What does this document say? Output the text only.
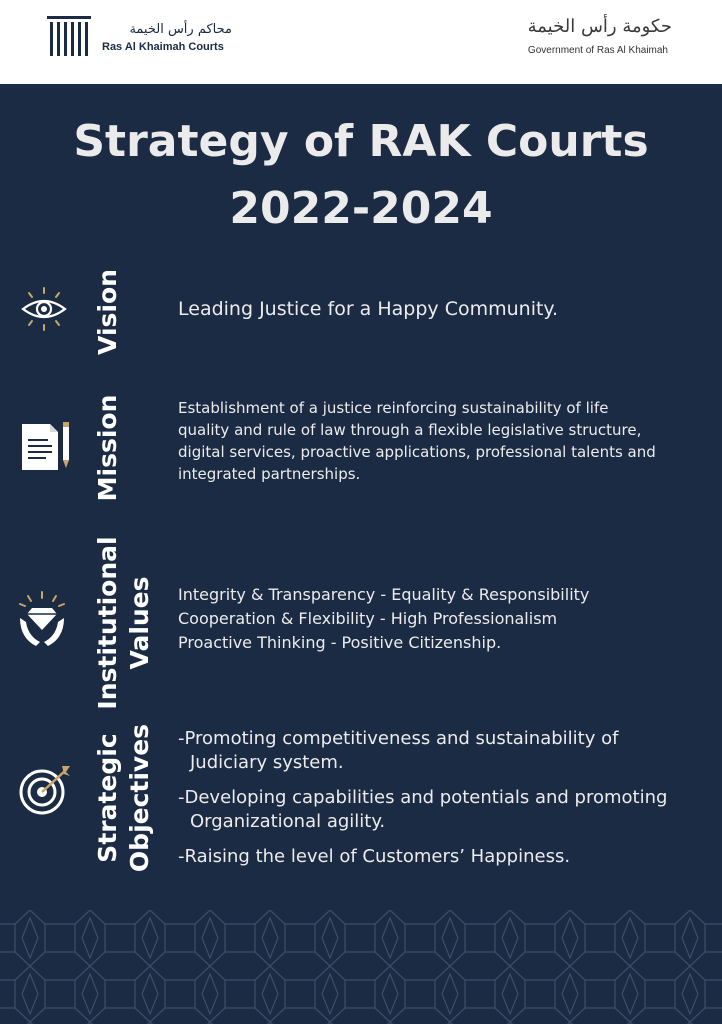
محاكم رأس الخيمة
Ras Al Khaimah Courts
حكومة رأس الخيمة
Government of Ras Al Khaimah
Strategy of RAK Courts
2022-2024
Vision	Leading Justice for a Happy Community.
Mission	Establishment of a justice reinforcing sustainability of life
quality and rule of law through a flexible legislative structure,
digital services, proactive applications, professional talents and
integrated partnerships.
Institutional Values Integrity & Transparency - Equality & Responsibility
Cooperation & Flexibility - High Professionalism
Proactive Thinking - Positive Citizenship.
Strategic Objectives -Promoting competitiveness and sustainability of
Judiciary system.
-Developing capabilities and potentials and promoting
Organizational agility.
-Raising the level of Customers’ Happiness.
